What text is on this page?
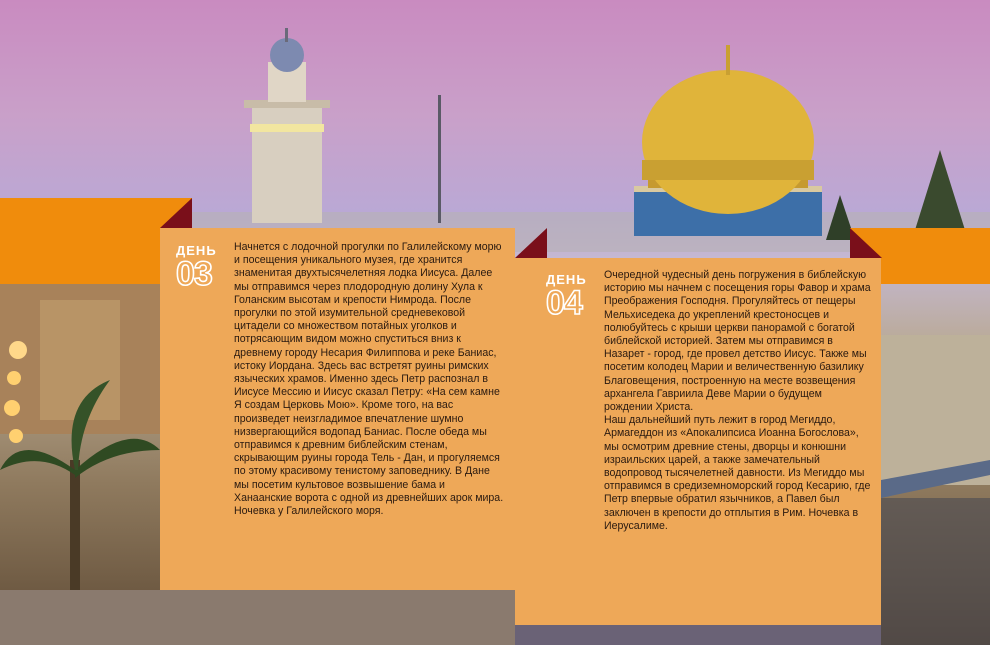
ДЕНЬ
03

Начнется с лодочной прогулки по Галилейскому морю и посещения уникального музея, где хранится знаменитая двухтысячелетняя лодка Иисуса. Далее мы отправимся через плодородную долину Хула к Голанским высотам и крепости Нимрода. После прогулки по этой изумительной средневековой цитадели со множеством потайных уголков и потрясающим видом можно спуститься вниз к древнему городу Несария Филиппова и реке Баниас, истоку Иордана. Здесь вас встретят руины римских языческих храмов. Именно здесь Петр распознал в Иисусе Мессию и Иисус сказал Петру: «На сем камне Я создам Церковь Мою». Кроме того, на вас произведет неизгладимое впечатление шумно низвергающийся водопад Баниас. После обеда мы отправимся к древним библейским стенам, скрывающим руины города Тель - Дан, и прогуляемся по этому красивому тенистому заповеднику. В Дане мы посетим культовое возвышение бама и Ханаанские ворота с одной из древнейших арок мира. Ночевка у Галилейского моря.

ДЕНЬ
04

Очередной чудесный день погружения в библейскую историю мы начнем с посещения горы Фавор и храма Преображения Господня. Прогуляйтесь от пещеры Мельхиседека до укреплений крестоносцев и полюбуйтесь с крыши церкви панорамой с богатой библейской историей. Затем мы отправимся в Назарет - город, где провел детство Иисус. Также мы посетим колодец Марии и величественную базилику Благовещения, построенную на месте возвещения архангела Гавриила Деве Марии о будущем рождении Христа.
Наш дальнейший путь лежит в город Мегиддо, Армагеддон из «Апокалипсиса Иоанна Богослова», мы осмотрим древние стены, дворцы и конюшни израильских царей, а также замечательный водопровод тысячелетней давности. Из Мегиддо мы отправимся в средиземноморский город Кесарию, где Петр впервые обратил язычников, а Павел был заключен в крепости до отплытия в Рим. Ночевка в Иерусалиме.
